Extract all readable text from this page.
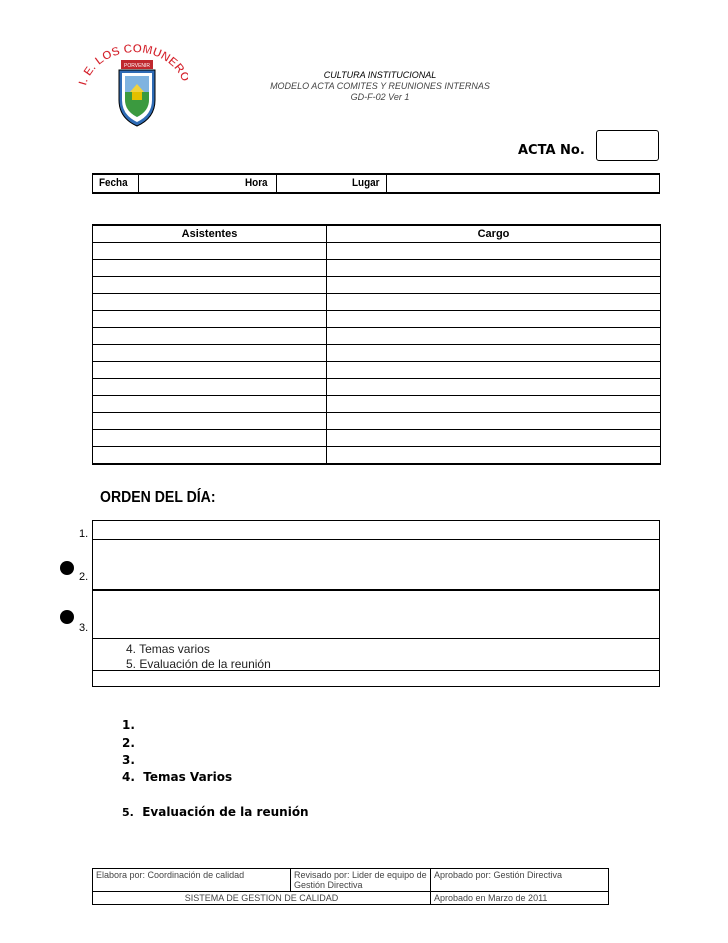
. E. LOS COMUNER
PORVENIR
CULTURA INSTITUCIONAL
MODELO ACTA COMITES Y REUNIONES INTERNAS
GD-F-02 Ver 1
ACTA No.
Fecha	Hora	Lugar
Asistentes	Cargo

ORDEN DEL DÍA:
1.
2.
3.
4. Temas varios
5. Evaluación de la reunión
1.
2.
3.
4. Temas Varios
5. Evaluación de la reunión
Elabora por: Coordinación de calidad	Revisado por: Lider de equipo de Gestión Directiva	Aprobado por: Gestión Directiva
SISTEMA DE GESTION DE CALIDAD		Aprobado en Marzo de 2011
